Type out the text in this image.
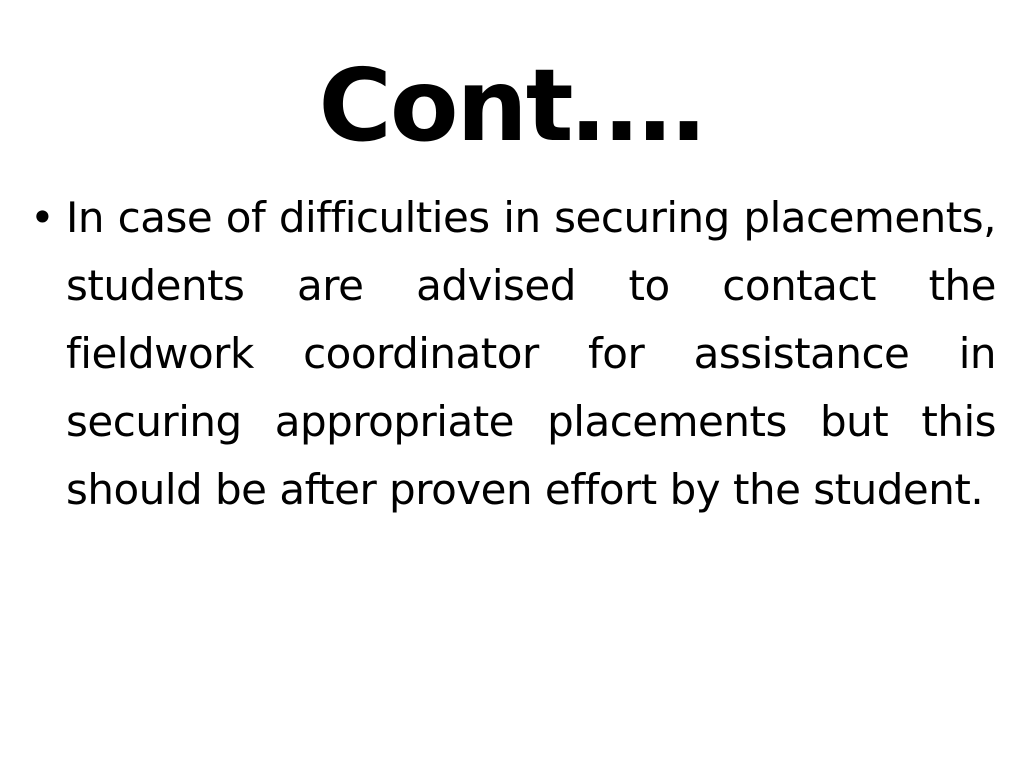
Cont….
• In case of difficulties in securing placements, students are advised to contact the fieldwork coordinator for assistance in securing appropriate placements but this should be after proven effort by the student.
